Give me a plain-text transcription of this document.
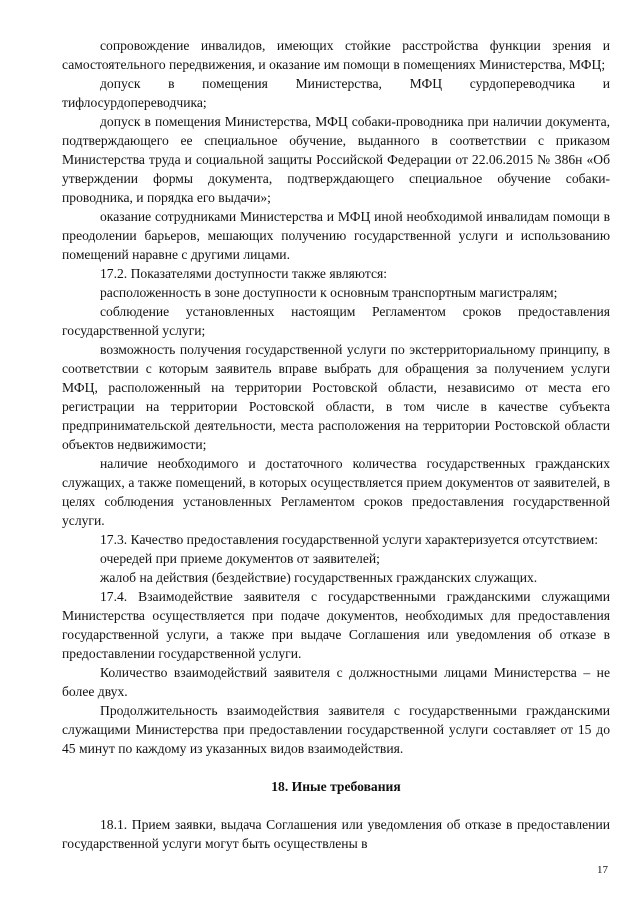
сопровождение инвалидов, имеющих стойкие расстройства функции зрения и самостоятельного передвижения, и оказание им помощи в помещениях Министерства, МФЦ;

допуск в помещения Министерства, МФЦ сурдопереводчика и тифлосурдопереводчика;

допуск в помещения Министерства, МФЦ собаки-проводника при наличии документа, подтверждающего ее специальное обучение, выданного в соответствии с приказом Министерства труда и социальной защиты Российской Федерации от 22.06.2015 № 386н «Об утверждении формы документа, подтверждающего специальное обучение собаки-проводника, и порядка его выдачи»;

оказание сотрудниками Министерства и МФЦ иной необходимой инвалидам помощи в преодолении барьеров, мешающих получению государственной услуги и использованию помещений наравне с другими лицами.

17.2. Показателями доступности также являются:

расположенность в зоне доступности к основным транспортным магистралям;

соблюдение установленных настоящим Регламентом сроков предоставления государственной услуги;

возможность получения государственной услуги по экстерриториальному принципу, в соответствии с которым заявитель вправе выбрать для обращения за получением услуги МФЦ, расположенный на территории Ростовской области, независимо от места его регистрации на территории Ростовской области, в том числе в качестве субъекта предпринимательской деятельности, места расположения на территории Ростовской области объектов недвижимости;

наличие необходимого и достаточного количества государственных гражданских служащих, а также помещений, в которых осуществляется прием документов от заявителей, в целях соблюдения установленных Регламентом сроков предоставления государственной услуги.

17.3. Качество предоставления государственной услуги характеризуется отсутствием:

очередей при приеме документов от заявителей;

жалоб на действия (бездействие) государственных гражданских служащих.

17.4. Взаимодействие заявителя с государственными гражданскими служащими Министерства осуществляется при подаче документов, необходимых для предоставления государственной услуги, а также при выдаче Соглашения или уведомления об отказе в предоставлении государственной услуги.

Количество взаимодействий заявителя с должностными лицами Министерства – не более двух.

Продолжительность взаимодействия заявителя с государственными гражданскими служащими Министерства при предоставлении государственной услуги составляет от 15 до 45 минут по каждому из указанных видов взаимодействия.

18. Иные требования

18.1. Прием заявки, выдача Соглашения или уведомления об отказе в предоставлении государственной услуги могут быть осуществлены в

17
